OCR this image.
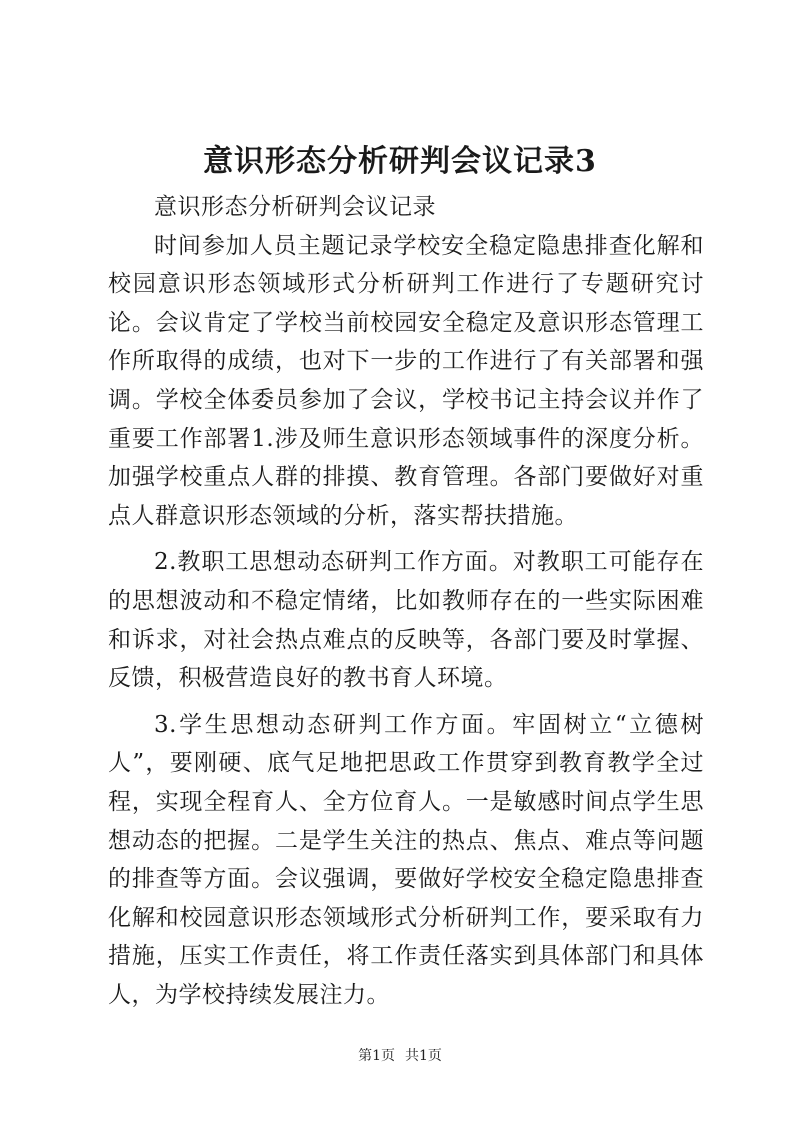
意识形态分析研判会议记录3

意识形态分析研判会议记录

时间参加人员主题记录学校安全稳定隐患排查化解和校园意识形态领域形式分析研判工作进行了专题研究讨论。会议肯定了学校当前校园安全稳定及意识形态管理工作所取得的成绩，也对下一步的工作进行了有关部署和强调。学校全体委员参加了会议，学校书记主持会议并作了重要工作部署1.涉及师生意识形态领域事件的深度分析。加强学校重点人群的排摸、教育管理。各部门要做好对重点人群意识形态领域的分析，落实帮扶措施。

2.教职工思想动态研判工作方面。对教职工可能存在的思想波动和不稳定情绪，比如教师存在的一些实际困难和诉求，对社会热点难点的反映等，各部门要及时掌握、反馈，积极营造良好的教书育人环境。

3.学生思想动态研判工作方面。牢固树立“立德树人”，要刚硬、底气足地把思政工作贯穿到教育教学全过程，实现全程育人、全方位育人。一是敏感时间点学生思想动态的把握。二是学生关注的热点、焦点、难点等问题的排查等方面。会议强调，要做好学校安全稳定隐患排查化解和校园意识形态领域形式分析研判工作，要采取有力措施，压实工作责任，将工作责任落实到具体部门和具体人，为学校持续发展注力。

第1页 共1页
